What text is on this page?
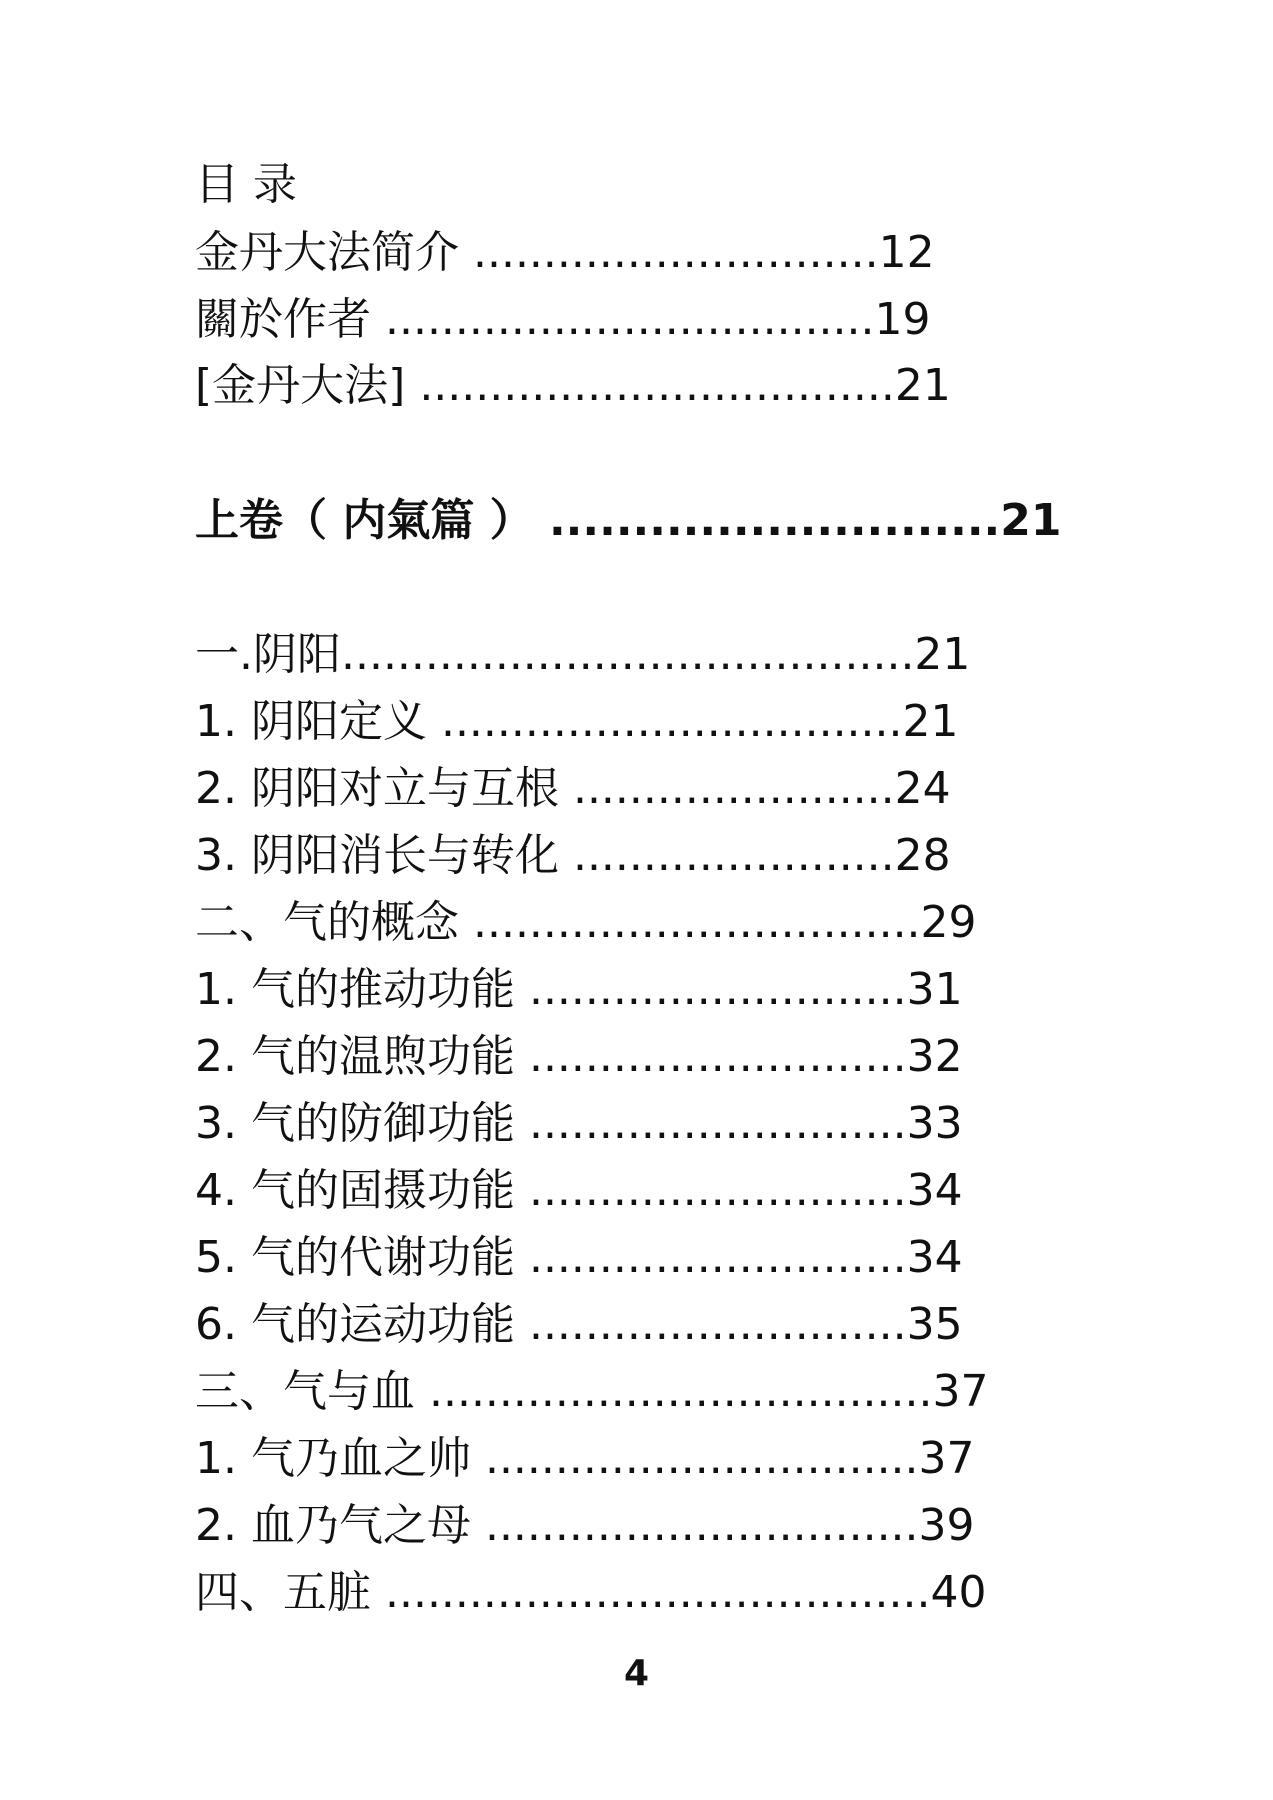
目 录
金丹大法简介 .............................12
關於作者 ...................................19
[金丹大法] ..................................21
上卷（ 内氣篇 ） ...........................21
一.阴阳.........................................21
1. 阴阳定义 .................................21
2. 阴阳对立与互根 .......................24
3. 阴阳消长与转化 .......................28
二、气的概念 ................................29
1. 气的推动功能 ...........................31
2. 气的温煦功能 ...........................32
3. 气的防御功能 ...........................33
4. 气的固摄功能 ...........................34
5. 气的代谢功能 ...........................34
6. 气的运动功能 ...........................35
三、气与血 ....................................37
1. 气乃血之帅 ...............................37
2. 血乃气之母 ...............................39
四、五脏 .......................................40
4
